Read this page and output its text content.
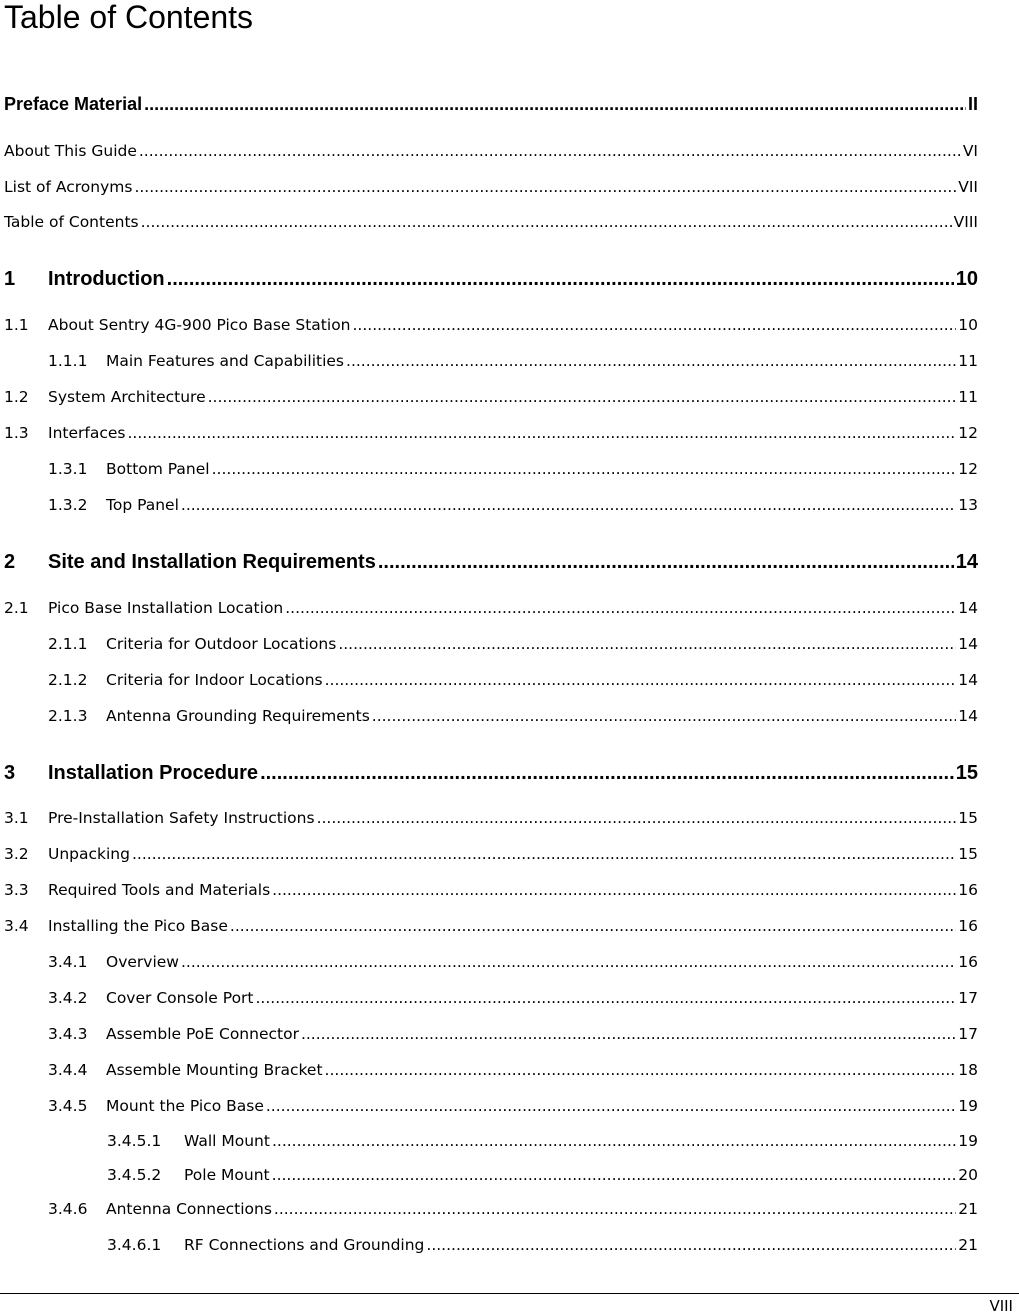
Table of Contents
Preface Material .....	II
About This Guide .....	VI
List of Acronyms .....	VII
Table of Contents .....	VIII
1	Introduction .....	10
1.1	About Sentry 4G-900 Pico Base Station .....	10
1.1.1	Main Features and Capabilities .....	11
1.2	System Architecture .....	11
1.3	Interfaces .....	12
1.3.1	Bottom Panel .....	12
1.3.2	Top Panel .....	13
2	Site and Installation Requirements .....	14
2.1	Pico Base Installation Location .....	14
2.1.1	Criteria for Outdoor Locations .....	14
2.1.2	Criteria for Indoor Locations .....	14
2.1.3	Antenna Grounding Requirements .....	14
3	Installation Procedure .....	15
3.1	Pre-Installation Safety Instructions .....	15
3.2	Unpacking .....	15
3.3	Required Tools and Materials .....	16
3.4	Installing the Pico Base .....	16
3.4.1	Overview .....	16
3.4.2	Cover Console Port .....	17
3.4.3	Assemble PoE Connector .....	17
3.4.4	Assemble Mounting Bracket .....	18
3.4.5	Mount the Pico Base .....	19
3.4.5.1	Wall Mount .....	19
3.4.5.2	Pole Mount .....	20
3.4.6	Antenna Connections .....	21
3.4.6.1	RF Connections and Grounding .....	21
VIII
